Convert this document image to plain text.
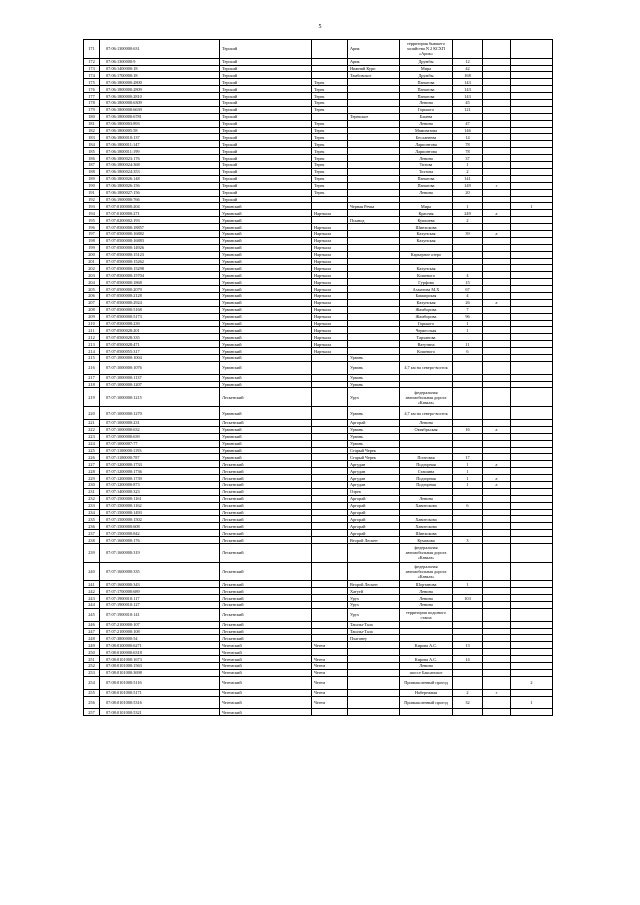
5
171	07:06:1300000:631	Терский		Арик	территория бывшего хозяйства N 2 КСХП «Арик»			
172	07:06:1300000:9	Терский		Арик	Дружбы	12		
173	07:06:1400000:18	Терский		Нижний Курп	Мира	42		
174	07:06:1700000:18	Терский		Тамбовское	Дружбы	168		
175	07:06:1800000:2800	Терский	Терек		Панагова	143		
176	07:06:1800000:2809	Терский	Терек		Панагова	143		
177	07:06:1800000:2810	Терский	Терек		Панагова	143		
178	07:06:1800000:6309	Терский	Терек		Ленина	45		
179	07:06:1800000:6639	Терский	Терек		Горького	121		
180	07:06:1800000:6781	Терский		Терекское	Блиева			
181	07:06:1800003:893	Терский	Терек		Ленина	47		
182	07:06:1800005:58	Терский	Терек		Мамизатова	146		
183	07:06:1800010:137	Терский	Терек		Бесланеева	14		
184	07:06:1800011:147	Терский	Терек		Ларионтова	78		
185	07:06:1800011:199	Терский	Терек		Ларионтова	78		
186	07:06:1800023:176	Терский	Терек		Ленина	37		
187	07:06:1800024:368	Терский	Терек		Титова	1		
188	07:06:1800024:353	Терский	Терек		Тохтова	2		
189	07:06:1800026:148	Терский	Терек		Панагова	141		
190	07:06:1800026:156	Терский	Терек		Панагова	149	г	
191	07:06:1800027:156	Терский	Терек		Ленина	20		
192	07:06:1900000:766	Терский						
193	07:07:0100000:204	Урванский		Черная Речка	Мира	1		1
194	07:07:0100000:271	Урванский	Нарткала		Красная	249	а	
195	07:07:0200002:193	Урванский		Псынод	Кушшева	2		
196	07:07:0500000:18857	Урванский	Нарткала		Шинхокова			
197	07:07:0500000:16882	Урванский	Нарткала		Кахунская	39	а	
198	07:07:0500000:16883	Урванский	Нарткала		Кахунская			
199	07:07:0500000:14926	Урванский	Нарткала					
200	07:07:0500000:15123	Урванский	Нарткала		Карьерное озеро			
201	07:07:0500000:15262	Урванский	Нарткала					
202	07:07:0500000:15298	Урванский	Нарткала		Кахунская			
203	07:07:0500000:15704	Урванский	Нарткала		Кошевого	4		
204	07:07:0500000:1868	Урванский	Нарткала		Гурфова	15		
205	07:07:0500000:2079	Урванский	Нарткала		Ахматова М.Х	67		
206	07:07:0500000:2128	Урванский	Нарткала		Баккирская	4		
207	07:07:0500000:2924	Урванский	Нарткала		Кахунская	26	а	
208	07:07:0500000:5168	Урванский	Нарткала		Жамборова	7		
209	07:07:0500000:5173	Урванский	Нарткала		Жамборова	96		
210	07:07:0500008:239	Урванский	Нарткала		Горького	1		
211	07:07:0500028:201	Урванский	Нарткала		Черкесская	1		
212	07:07:0500028:335	Урванский	Нарткала		Тарханова			
213	07:07:0500028:471	Урванский	Нарткала		Ватутина	11		
214	07:07:0500055:317	Урванский	Нарткала		Кошевого	6		
215	07:07:1000000:1004	Урванский		Урвань				
216	07:07:1000000:1076	Урванский		Урвань	4,7 км на северо-восток			
217	07:07:1000000:1137	Урванский		Урвань				
218	07:07:1000000:1207	Урванский		Урвань				
219	07:07:1000000:1215	Лескенский		Урух	федеральная автомобильная дорога «Кавказ»			
220	07:07:1000000:1270	Урванский		Урвань	4,7 км на северо-восток			
221	07:07:1000000:231	Лескенский		Аргорай	Ленина			
222	07:07:1000000:632	Урванский		Урвань	Октябрьская	16	а	
223	07:07:1000000:639	Урванский		Урвань				
224	07:07:1000007:77	Урванский		Урвань				
225	07:07:1100000:1193	Урванский		Старый Черек				
226	07:07:1100000:787	Урванский		Старый Черек	Почтовая	17		
227	07:07:1200000:1733	Лескенский		Аргудан	Подгорная	1	а	
228	07:07:1200000:1736	Лескенский		Аргудан	Сташина	1		
229	07:07:1200000:1739	Лескенский		Аргудан	Подгорная	1	а	
230	07:07:1200000:873	Лескенский		Аргудан	Подгорная	1	а	
231	07:07:1400000:323	Лескенский		Озрек				
232	07:07:1500000:1161	Лескенский		Аргорай	Ленина			
233	07:07:1500000:1162	Лескенский		Аргорай	Хавитокова	6		
234	07:07:1500000:1493	Лескенский		Аргорай				
235	07:07:1500000:1502	Лескенский		Аргорай	Хавитокова			
236	07:07:1500000:608	Лескенский		Аргорай	Хавитокова			
237	07:07:1500000:842	Лескенский		Аргорай	Шинхокова			
238	07:07:1600000:176	Лескенский		Второй Лескен	Кумахова	3		
239	07:07:1600000:319	Лескенский			федеральная автомобильная дорога «Кавказ»			
240	07:07:1600000:335	Лескенский			федеральная автомобильная дорога «Кавказ»			
241	07:07:1600000:343	Лескенский		Второй Лескен	Шортанова	1		
242	07:07:1700000:689	Лескенский		Хатуей	Ленина			
243	07:07:1900010:117	Лескенский		Урух	Ленина	103		
244	07:07:1900010:127	Лескенский		Урух	Ленина			
245	07:07:1900010:141	Лескенский		Урух	территория подшного сташа			
246	07:07:2100000:107	Лескенский		Ташлы-Тала				
247	07:07:2100000:108	Лескенский		Ташлы-Тала				
248	07:07:3800000:54	Лескенский		Пхаганеу				
249	07:08:0100000:6271	Чегемский	Чегем		Кирова А.С.	13		
250	07:08:0100000:6318	Чегемский						
251	07:08:0101000:1673	Чегемский	Чегем		Кирова А.С.	14		
252	07:08:0101000:1563	Чегемский	Чегем		Ленина			
253	07:08:0101000:3698	Чегемский	Чегем		шоссе Баксанское			
254	07:08:0101000:5116	Чегемский	Чегем		Промышленный проезд			2
255	07:08:0101000:5171	Чегемский	Чегем		Набережная	2	г	
256	07:08:0101000:5316	Чегемский	Чегем		Промышленный проезд	32		1
257	07:08:0101000:5321	Чегемский						
